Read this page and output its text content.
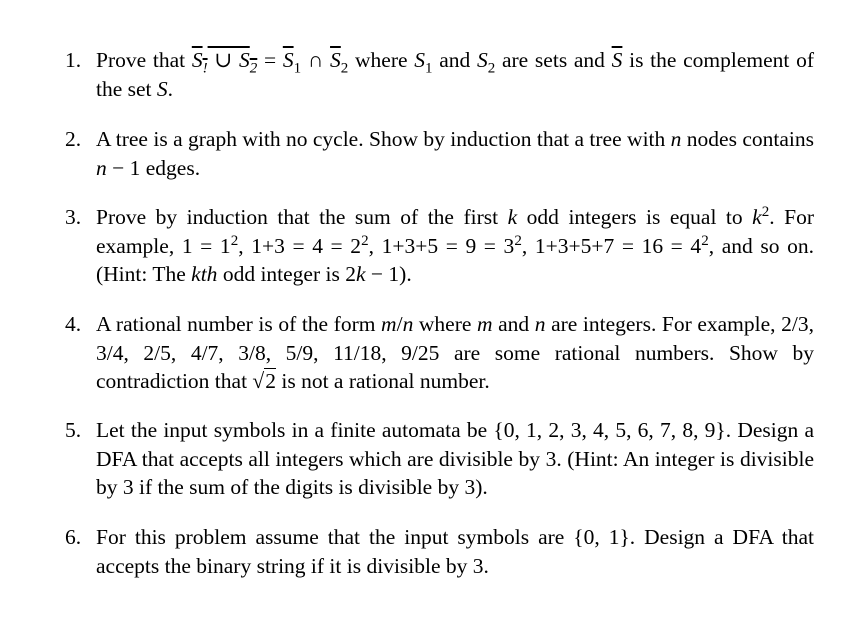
1. Prove that $S_!$ ∪ $S_2 = \overline{S}_1$ ∩ $\overline{S}_2$ where $S_1$ and $S_2$ are sets and $\overline{S}$ is the complement of the set S.
2. A tree is a graph with no cycle. Show by induction that a tree with n nodes contains n − 1 edges.
3. Prove by induction that the sum of the first k odd integers is equal to $k^2$. For example, $1 = 1^2$, $1+3 = 4 = 2^2$, $1+3+5 = 9 = 3^2$, $1+3+5+7 = 16 = 4^2$, and so on. (Hint: The kth odd integer is 2k − 1).
4. A rational number is of the form m/n where m and n are integers. For example, 2/3, 3/4, 2/5, 4/7, 3/8, 5/9, 11/18, 9/25 are some rational numbers. Show by contradiction that √2 is not a rational number.
5. Let the input symbols in a finite automata be {0, 1, 2, 3, 4, 5, 6, 7, 8, 9}. Design a DFA that accepts all integers which are divisible by 3. (Hint: An integer is divisible by 3 if the sum of the digits is divisible by 3).
6. For this problem assume that the input symbols are {0, 1}. Design a DFA that accepts the binary string if it is divisible by 3.
